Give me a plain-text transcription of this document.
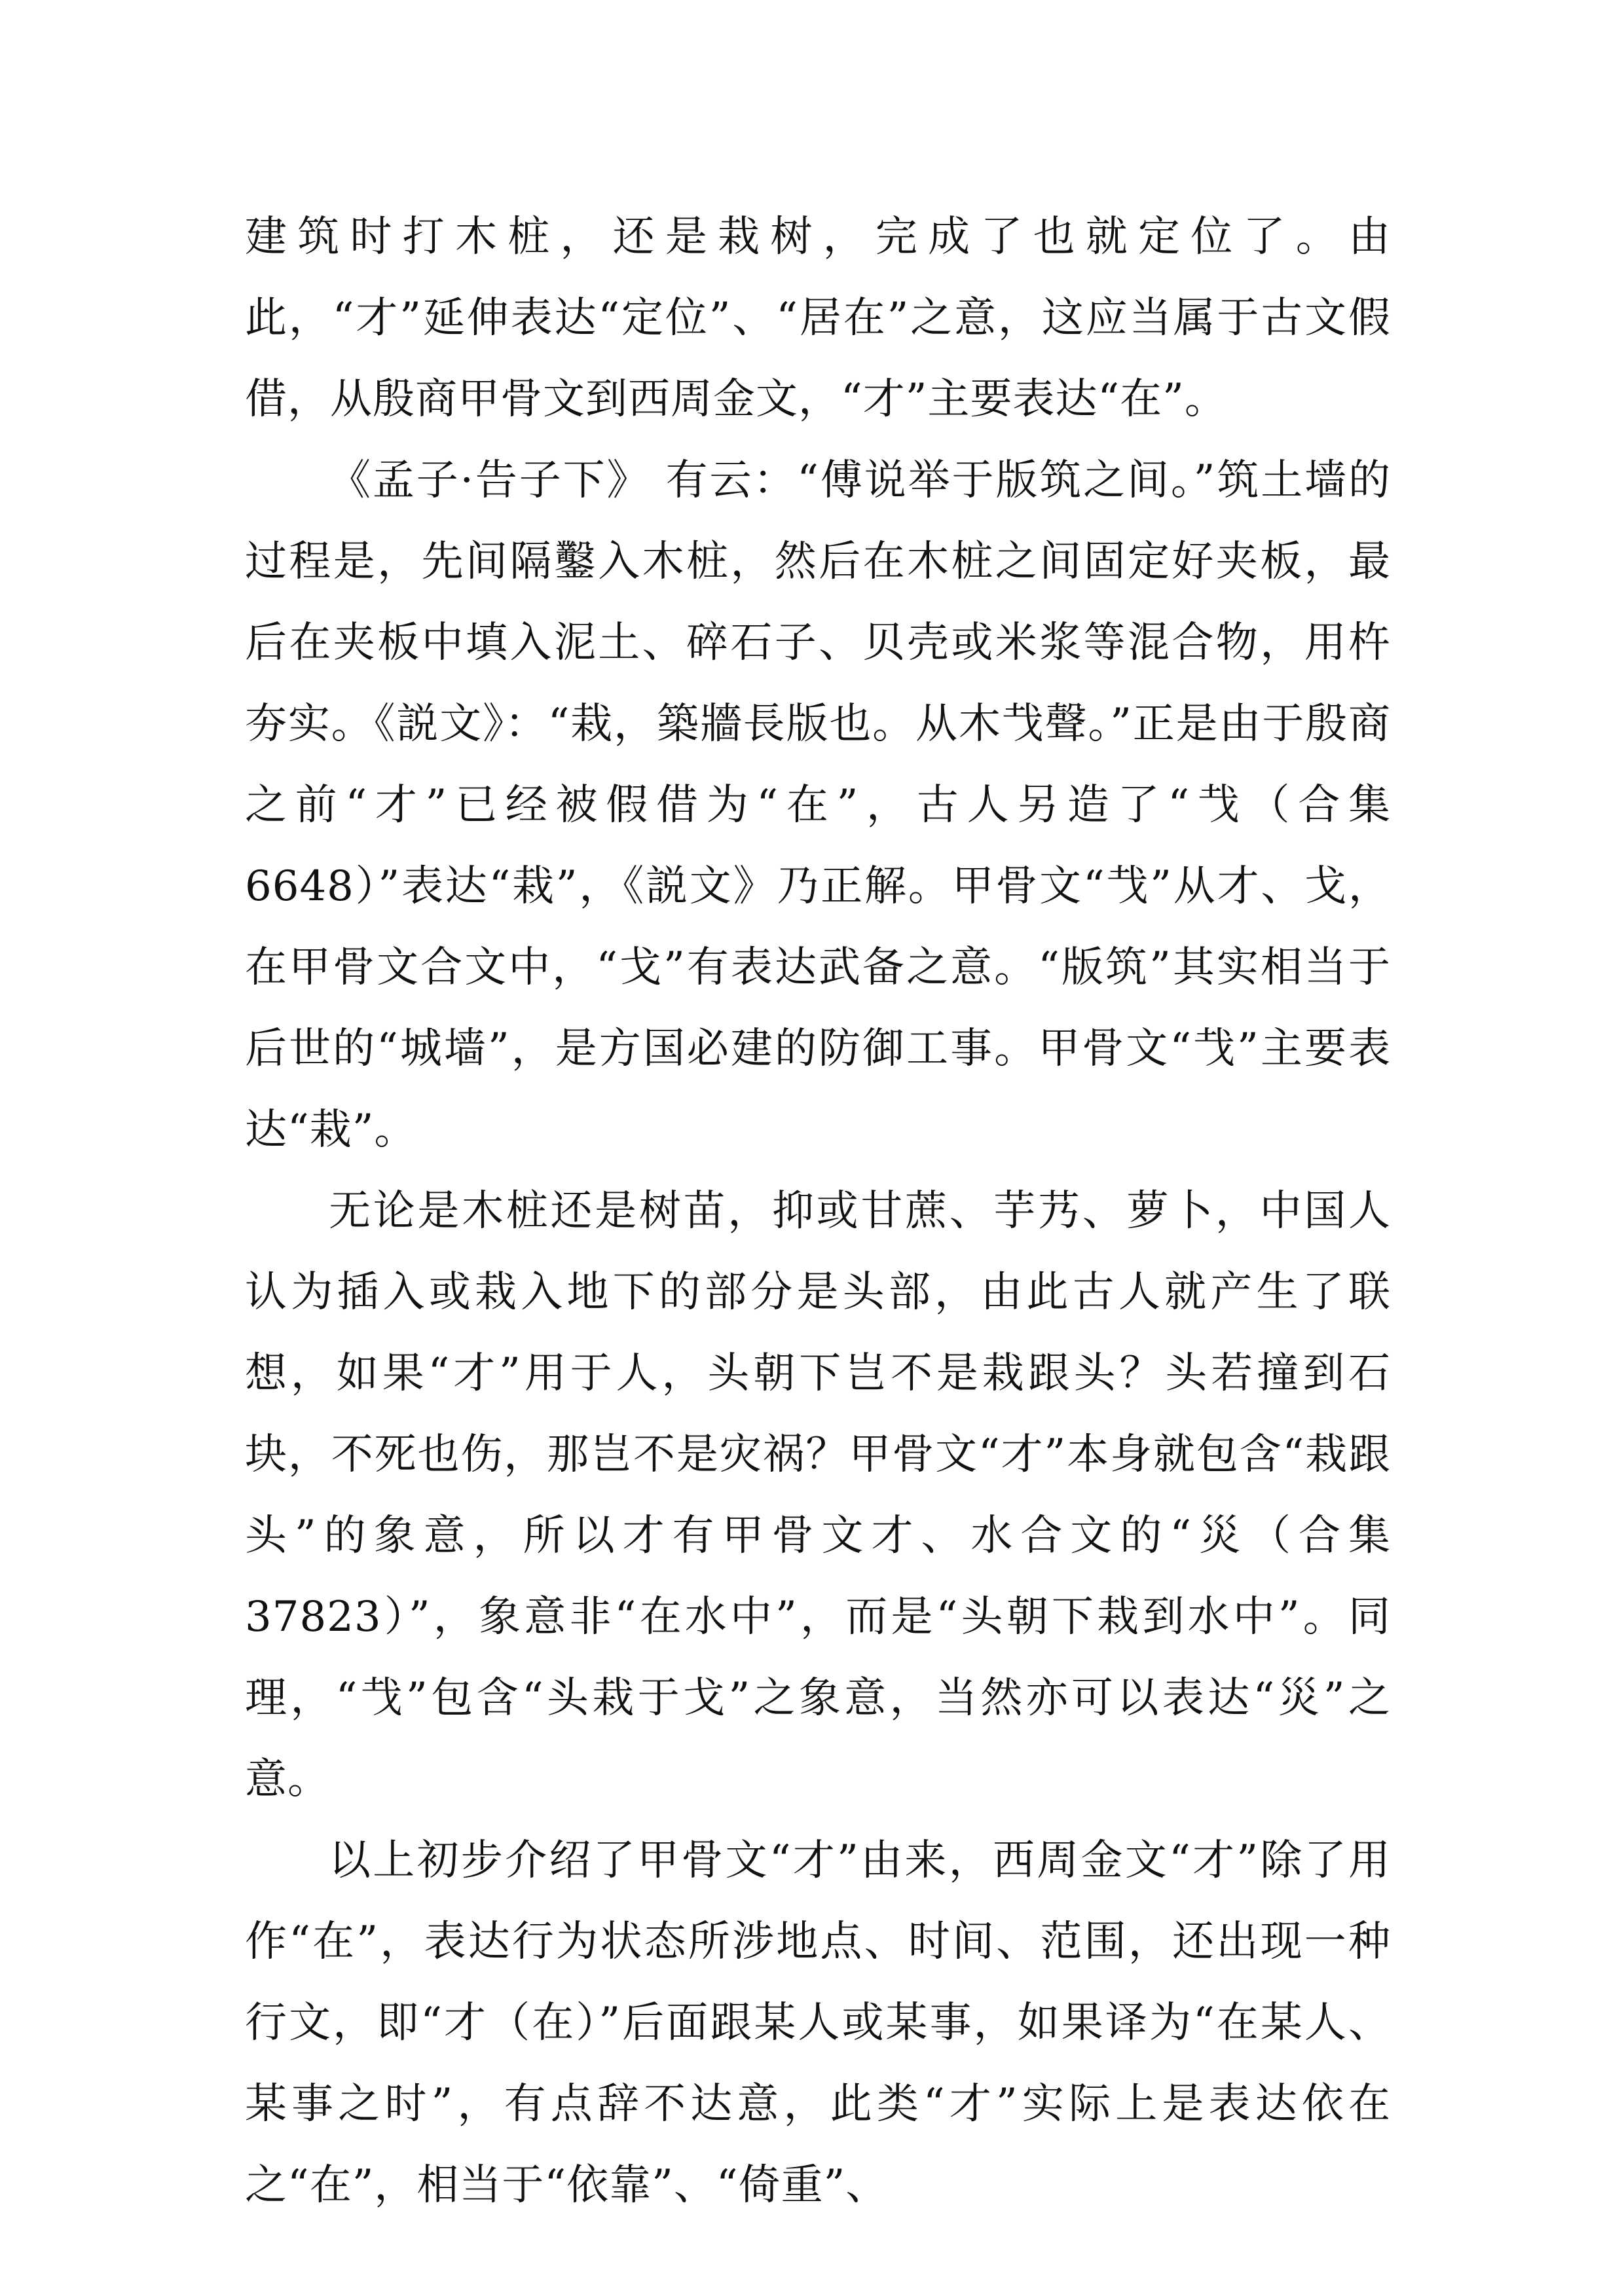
建筑时打木桩，还是栽树，完成了也就定位了。由此，“才”延伸表达“定位”、“居在”之意，这应当属于古文假借，从殷商甲骨文到西周金文，“才”主要表达“在”。

《孟子·告子下》 有云：“傅说举于版筑之间。”筑土墙的过程是，先间隔鑿入木桩，然后在木桩之间固定好夹板，最后在夹板中填入泥土、碎石子、贝壳或米浆等混合物，用杵夯实。《説文》：“栽，築牆長版也。从木𢦏聲。”正是由于殷商之前“才”已经被假借为“在”，古人另造了“𢦏（合集 6648）”表达“栽”，《説文》乃正解。甲骨文“𢦏”从才、戈，在甲骨文合文中，“戈”有表达武备之意。“版筑”其实相当于后世的“城墙”，是方国必建的防御工事。甲骨文“𢦏”主要表达“栽”。

无论是木桩还是树苗，抑或甘蔗、芋艿、萝卜，中国人认为插入或栽入地下的部分是头部，由此古人就产生了联想，如果“才”用于人，头朝下岂不是栽跟头？头若撞到石块，不死也伤，那岂不是灾祸？甲骨文“才”本身就包含“栽跟头”的象意，所以才有甲骨文才、水合文的“災（合集 37823）”，象意非“在水中”，而是“头朝下栽到水中”。同理，“𢦏”包含“头栽于戈”之象意，当然亦可以表达“災”之意。

以上初步介绍了甲骨文“才”由来，西周金文“才”除了用作“在”，表达行为状态所涉地点、时间、范围，还出现一种行文，即“才（在）”后面跟某人或某事，如果译为“在某人、某事之时”，有点辞不达意，此类“才”实际上是表达依在之“在”，相当于“依靠”、“倚重”、
